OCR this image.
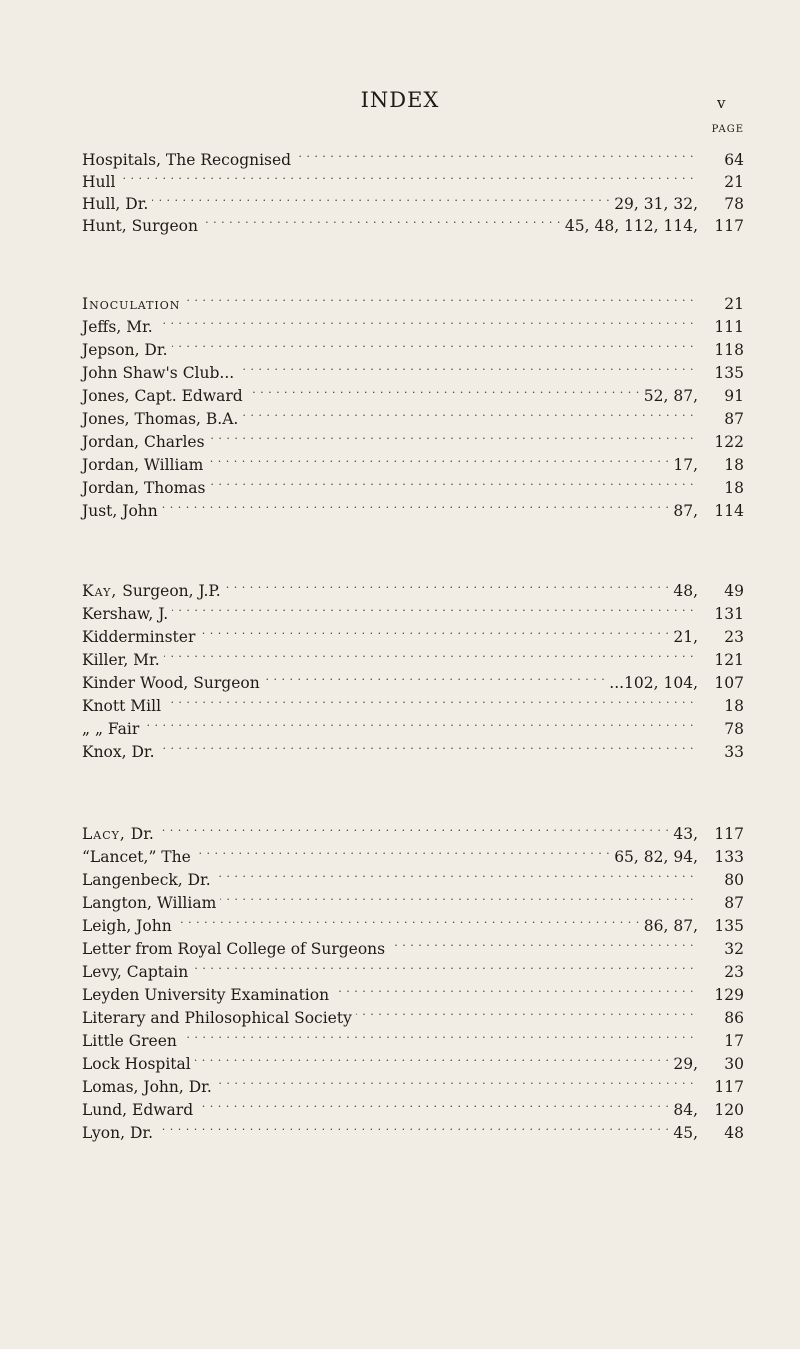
INDEX	v
PAGE
Hospitals, The Recognised . . .	64
Hull . . .	21
Hull, Dr. . . .	29, 31, 32,	78
Hunt, Surgeon . . .	45, 48, 112, 114,	117
Inoculation . . .	21
Jeffs, Mr. . . .	111
Jepson, Dr. . . .	118
John Shaw's Club... . . .	135
Jones, Capt. Edward . . .	52, 87,	91
Jones, Thomas, B.A. . . .	87
Jordan, Charles . . .	122
Jordan, William . . .	17,	18
Jordan, Thomas . . .	18
Just, John . . .	87,	114
Kay, Surgeon, J.P. . . .	48,	49
Kershaw, J. . . .	131
Kidderminster . . .	21,	23
Killer, Mr. . . .	121
Kinder Wood, Surgeon . . .	...102, 104,	107
Knott Mill . . .	18
„ „ Fair . . .	78
Knox, Dr. . . .	33
Lacy, Dr. . . .	43,	117
“Lancet,” The . . .	65, 82, 94,	133
Langenbeck, Dr. . . .	80
Langton, William . . .	87
Leigh, John . . .	86, 87,	135
Letter from Royal College of Surgeons . . .	32
Levy, Captain . . .	23
Leyden University Examination . . .	129
Literary and Philosophical Society . . .	86
Little Green . . .	17
Lock Hospital . . .	29,	30
Lomas, John, Dr. . . .	117
Lund, Edward . . .	84,	120
Lyon, Dr. . . .	45,	48
